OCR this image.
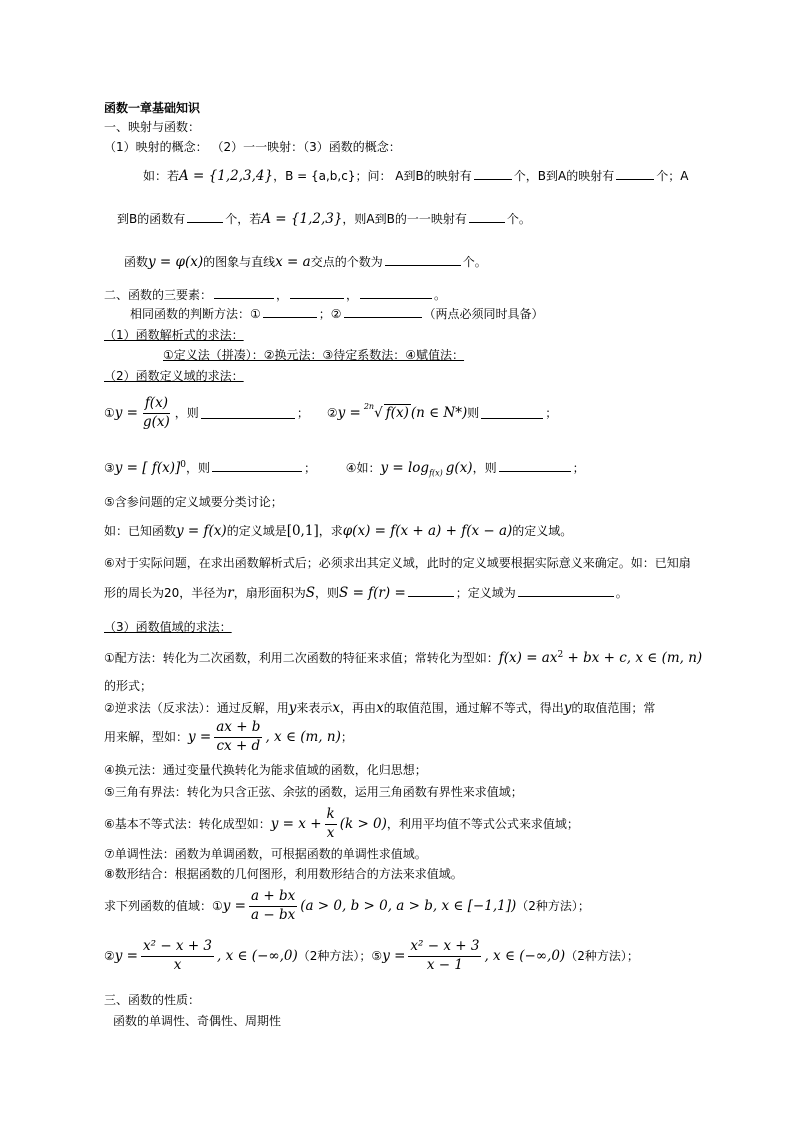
函数一章基础知识
一、映射与函数：
（1）映射的概念： （2）一一映射：（3）函数的概念：
如：若A = {1,2,3,4}，B = {a,b,c}；问： A到B的映射有	个，B到A的映射有	个；A
到B的函数有	个，若A = {1,2,3}，则A到B的一一映射有	个。
函数y = φ(x)的图象与直线x = a交点的个数为	个。
二、函数的三要素：	，	，	。
相同函数的判断方法：①	；②	（两点必须同时具备）
（1）函数解析式的求法：
①定义法（拼凑）：②换元法：③待定系数法：④赋值法：
（2）函数定义域的求法：
① $y = \frac{f(x)}{g(x)}$ ，则	； ② y = 2n √ f(x) (n ∈ N*) 则	；
③y = [ f(x)]$^0$，则	； ④如：$y = \log_{f(x)} g(x)$，则	；
⑤含参问题的定义域要分类讨论；
如：已知函数y = f(x)的定义域是[0,1]，求φ(x) = f(x + a) + f(x − a)的定义域。
⑥对于实际问题，在求出函数解析式后；必须求出其定义域，此时的定义域要根据实际意义来确定。如：已知扇
形的周长为20，半径为r，扇形面积为S，则S = f(r) =	；定义域为	。
（3）函数值域的求法：
①配方法：转化为二次函数，利用二次函数的特征来求值；常转化为型如：$f(x) = ax^2$ + bx + c, x ∈ (m, n)
的形式；
②逆求法（反求法）：通过反解，用y来表示x，再由x的取值范围，通过解不等式，得出y的取值范围；常
用来解，型如： $y = \frac{ax + b}{cx + d}$ , x ∈ (m, n) ；
④换元法：通过变量代换转化为能求值域的函数，化归思想；
⑤三角有界法：转化为只含正弦、余弦的函数，运用三角函数有界性来求值域；
⑥基本不等式法：转化成型如： $y = x + \frac{k}{x} (k > 0)$ ，利用平均值不等式公式来求值域；
⑦单调性法：函数为单调函数，可根据函数的单调性求值域。
⑧数形结合：根据函数的几何图形，利用数形结合的方法来求值域。
求下列函数的值域：① $y = \frac{a + bx}{a - bx} (a > 0$, b > 0, a > b, x ∈ [−1,1]) （2种方法）；
② $y = \frac{\text{x² − x + 3}}{x}$ , x ∈ (−∞,0) （2种方法）；⑤ $y = \frac{\text{x² − x + 3}}{x - 1}$ , x ∈ (−∞,0) （2种方法）；
三、函数的性质：
函数的单调性、奇偶性、周期性
